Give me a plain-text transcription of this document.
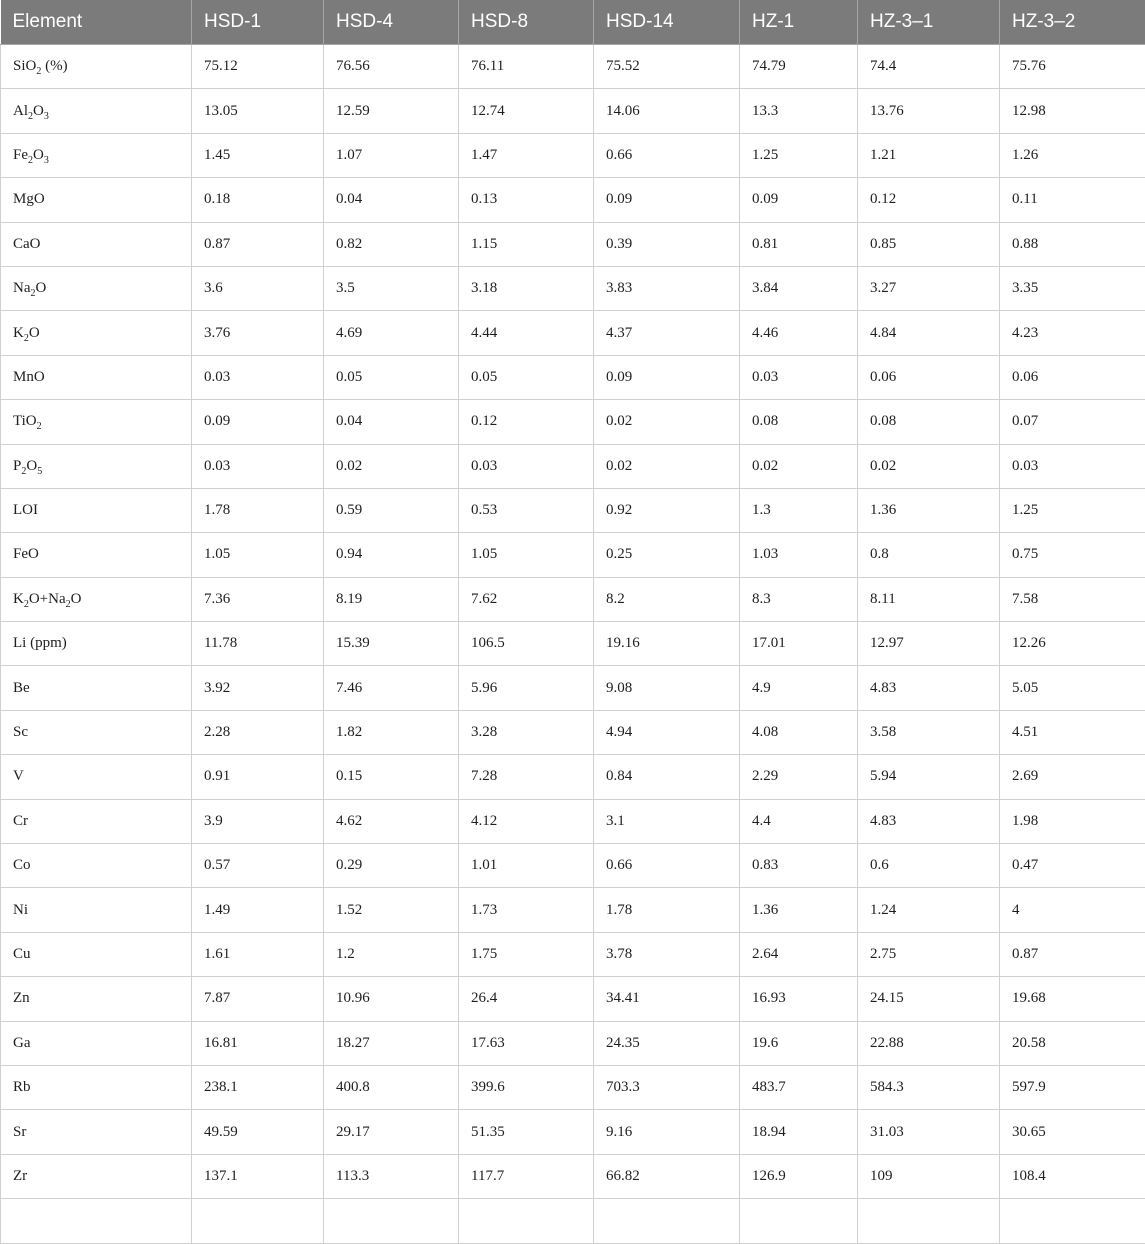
Element	HSD-1	HSD-4	HSD-8	HSD-14	HZ-1	HZ-3–1	HZ-3–2
SiO$_2$ (%)	75.12	76.56	76.11	75.52	74.79	74.4	75.76
$Al_2O_3$	13.05	12.59	12.74	14.06	13.3	13.76	12.98
$Fe_2O_3$	1.45	1.07	1.47	0.66	1.25	1.21	1.26
MgO	0.18	0.04	0.13	0.09	0.09	0.12	0.11
CaO	0.87	0.82	1.15	0.39	0.81	0.85	0.88
$Na_2O$	3.6	3.5	3.18	3.83	3.84	3.27	3.35
$K_2O$	3.76	4.69	4.44	4.37	4.46	4.84	4.23
MnO	0.03	0.05	0.05	0.09	0.03	0.06	0.06
TiO$_2$	0.09	0.04	0.12	0.02	0.08	0.08	0.07
$P_2O_5$	0.03	0.02	0.03	0.02	0.02	0.02	0.03
LOI	1.78	0.59	0.53	0.92	1.3	1.36	1.25
FeO	1.05	0.94	1.05	0.25	1.03	0.8	0.75
$K_2O+Na_2O$	7.36	8.19	7.62	8.2	8.3	8.11	7.58
Li (ppm)	11.78	15.39	106.5	19.16	17.01	12.97	12.26
Be	3.92	7.46	5.96	9.08	4.9	4.83	5.05
Sc	2.28	1.82	3.28	4.94	4.08	3.58	4.51
V	0.91	0.15	7.28	0.84	2.29	5.94	2.69
Cr	3.9	4.62	4.12	3.1	4.4	4.83	1.98
Co	0.57	0.29	1.01	0.66	0.83	0.6	0.47
Ni	1.49	1.52	1.73	1.78	1.36	1.24	4
Cu	1.61	1.2	1.75	3.78	2.64	2.75	0.87
Zn	7.87	10.96	26.4	34.41	16.93	24.15	19.68
Ga	16.81	18.27	17.63	24.35	19.6	22.88	20.58
Rb	238.1	400.8	399.6	703.3	483.7	584.3	597.9
Sr	49.59	29.17	51.35	9.16	18.94	31.03	30.65
Zr	137.1	113.3	117.7	66.82	126.9	109	108.4
